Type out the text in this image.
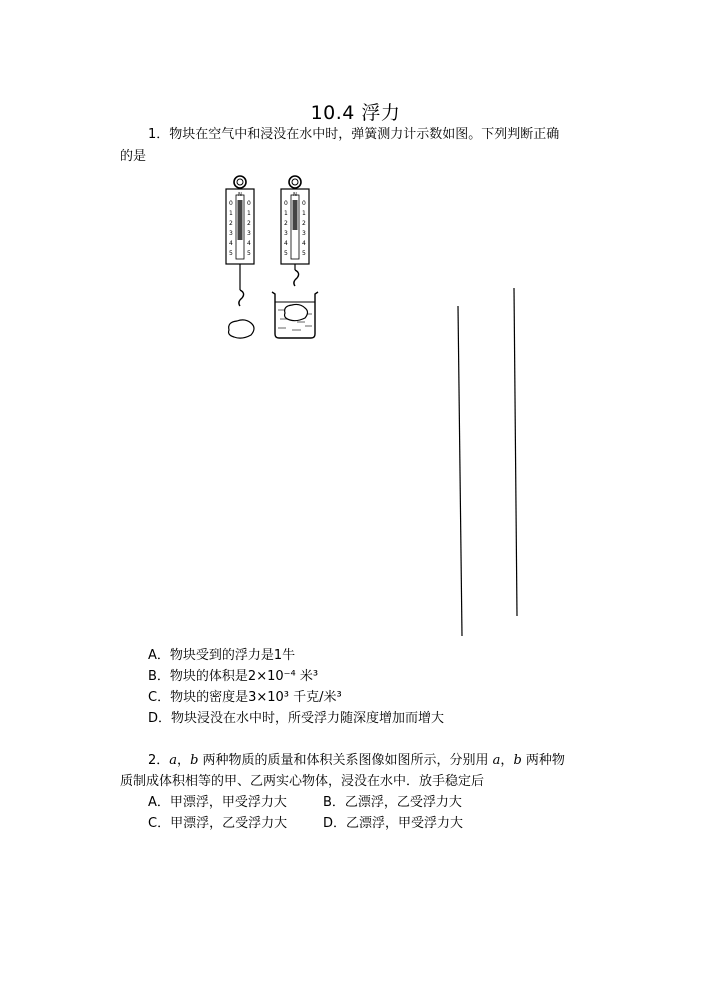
10.4 浮力
1．物块在空气中和浸没在水中时，弹簧测力计示数如图。下列判断正确
的是
N
0
1
2
3
4
5
0
1
2
3
4
5
N
0
1
2
3
4
5
0
1
2
3
4
5
A．物块受到的浮力是1牛
B．物块的体积是2×10⁻⁴ 米³
C．物块的密度是3×10³ 千克/米³
D．物块浸没在水中时，所受浮力随深度增加而增大
2．a，b 两种物质的质量和体积关系图像如图所示，分别用 a，b 两种物
质制成体积相等的甲、乙两实心物体，浸没在水中．放手稳定后
A．甲漂浮，甲受浮力大	B．乙漂浮，乙受浮力大
C．甲漂浮，乙受浮力大	D．乙漂浮，甲受浮力大
